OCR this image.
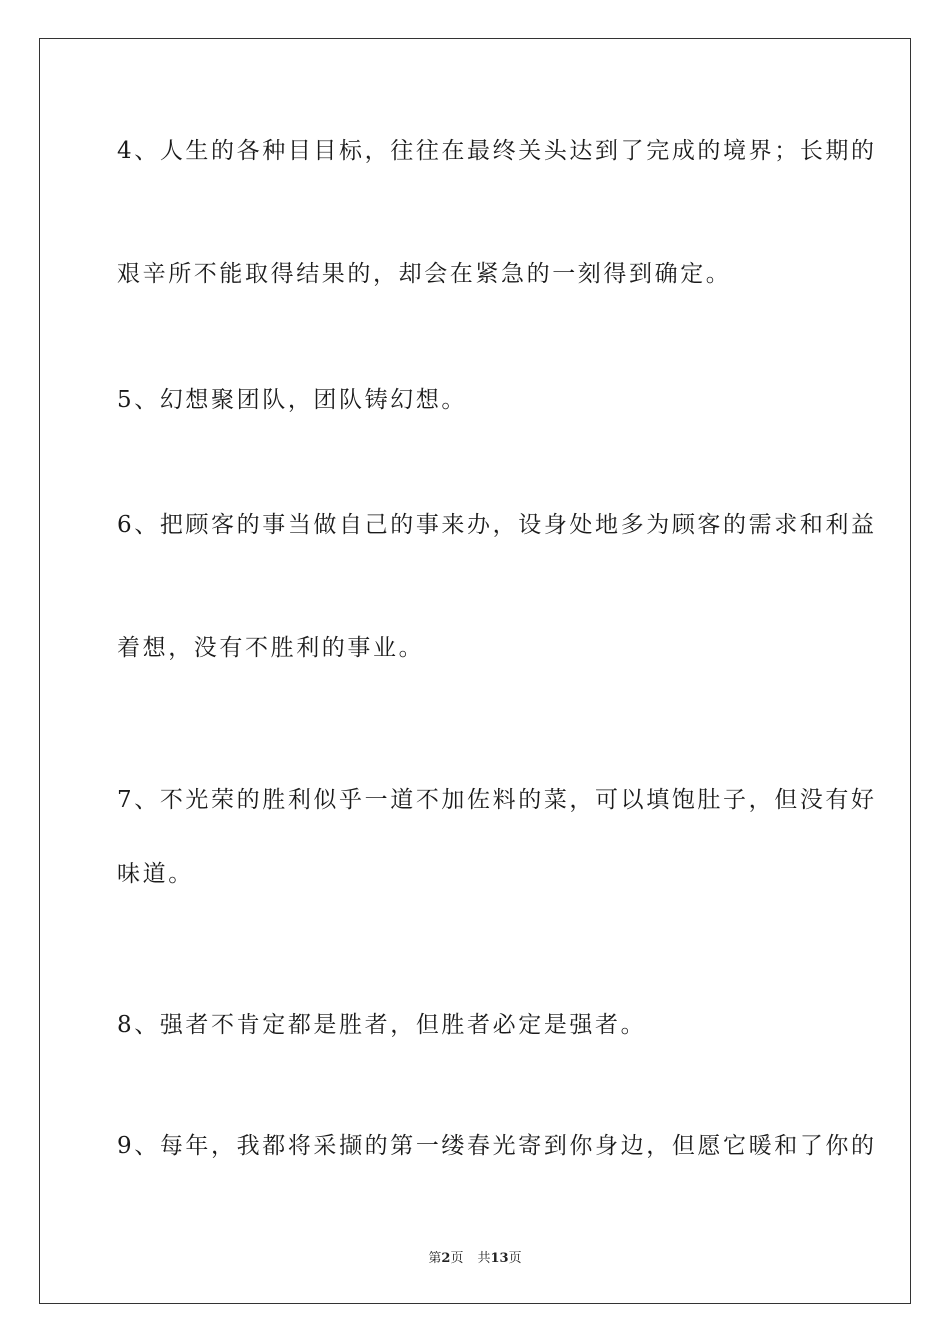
4、人生的各种目目标，往往在最终关头达到了完成的境界；长期的
艰辛所不能取得结果的，却会在紧急的一刻得到确定。
5、幻想聚团队，团队铸幻想。
6、把顾客的事当做自己的事来办，设身处地多为顾客的需求和利益
着想，没有不胜利的事业。
7、不光荣的胜利似乎一道不加佐料的菜，可以填饱肚子，但没有好
味道。
8、强者不肯定都是胜者，但胜者必定是强者。
9、每年，我都将采撷的第一缕春光寄到你身边，但愿它暖和了你的
第2页 共13页
